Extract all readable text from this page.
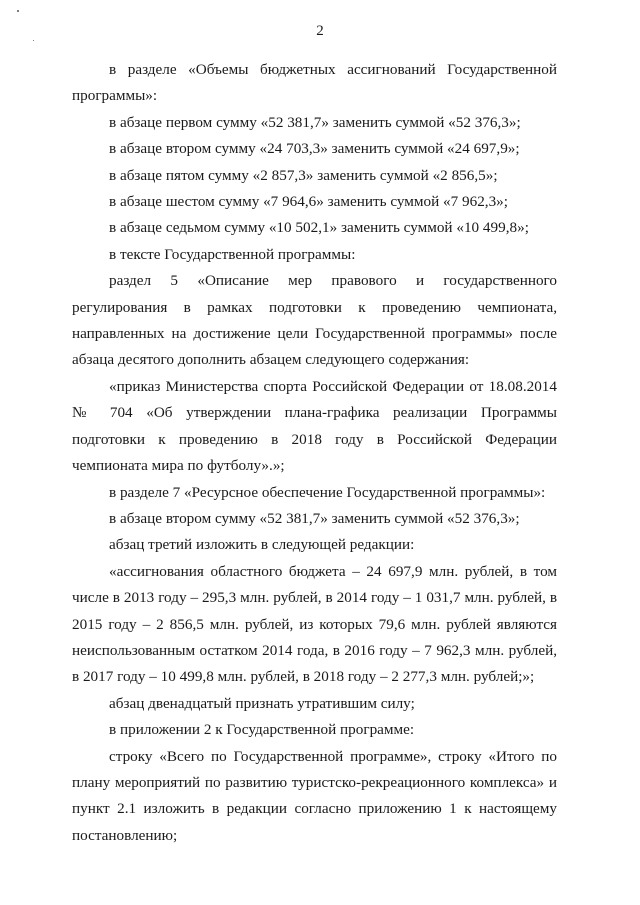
2

в разделе «Объемы бюджетных ассигнований Государственной программы»:

в абзаце первом сумму «52 381,7» заменить суммой «52 376,3»;

в абзаце втором сумму «24 703,3» заменить суммой «24 697,9»;

в абзаце пятом сумму «2 857,3» заменить суммой «2 856,5»;

в абзаце шестом сумму «7 964,6» заменить суммой «7 962,3»;

в абзаце седьмом сумму «10 502,1» заменить суммой «10 499,8»;

в тексте Государственной программы:

раздел 5 «Описание мер правового и государственного регулирования в рамках подготовки к проведению чемпионата, направленных на достижение цели Государственной программы» после абзаца десятого дополнить абзацем следующего содержания:

«приказ Министерства спорта Российской Федерации от 18.08.2014 № 704 «Об утверждении плана-графика реализации Программы подготовки к проведению в 2018 году в Российской Федерации чемпионата мира по футболу».»;

в разделе 7 «Ресурсное обеспечение Государственной программы»:

в абзаце втором сумму «52 381,7» заменить суммой «52 376,3»;

абзац третий изложить в следующей редакции:

«ассигнования областного бюджета – 24 697,9 млн. рублей, в том числе в 2013 году – 295,3 млн. рублей, в 2014 году – 1 031,7 млн. рублей, в 2015 году – 2 856,5 млн. рублей, из которых 79,6 млн. рублей являются неиспользованным остатком 2014 года, в 2016 году – 7 962,3 млн. рублей, в 2017 году – 10 499,8 млн. рублей, в 2018 году – 2 277,3 млн. рублей;»;

абзац двенадцатый признать утратившим силу;

в приложении 2 к Государственной программе:

строку «Всего по Государственной программе», строку «Итого по плану мероприятий по развитию туристско-рекреационного комплекса» и пункт 2.1 изложить в редакции согласно приложению 1 к настоящему постановлению;
